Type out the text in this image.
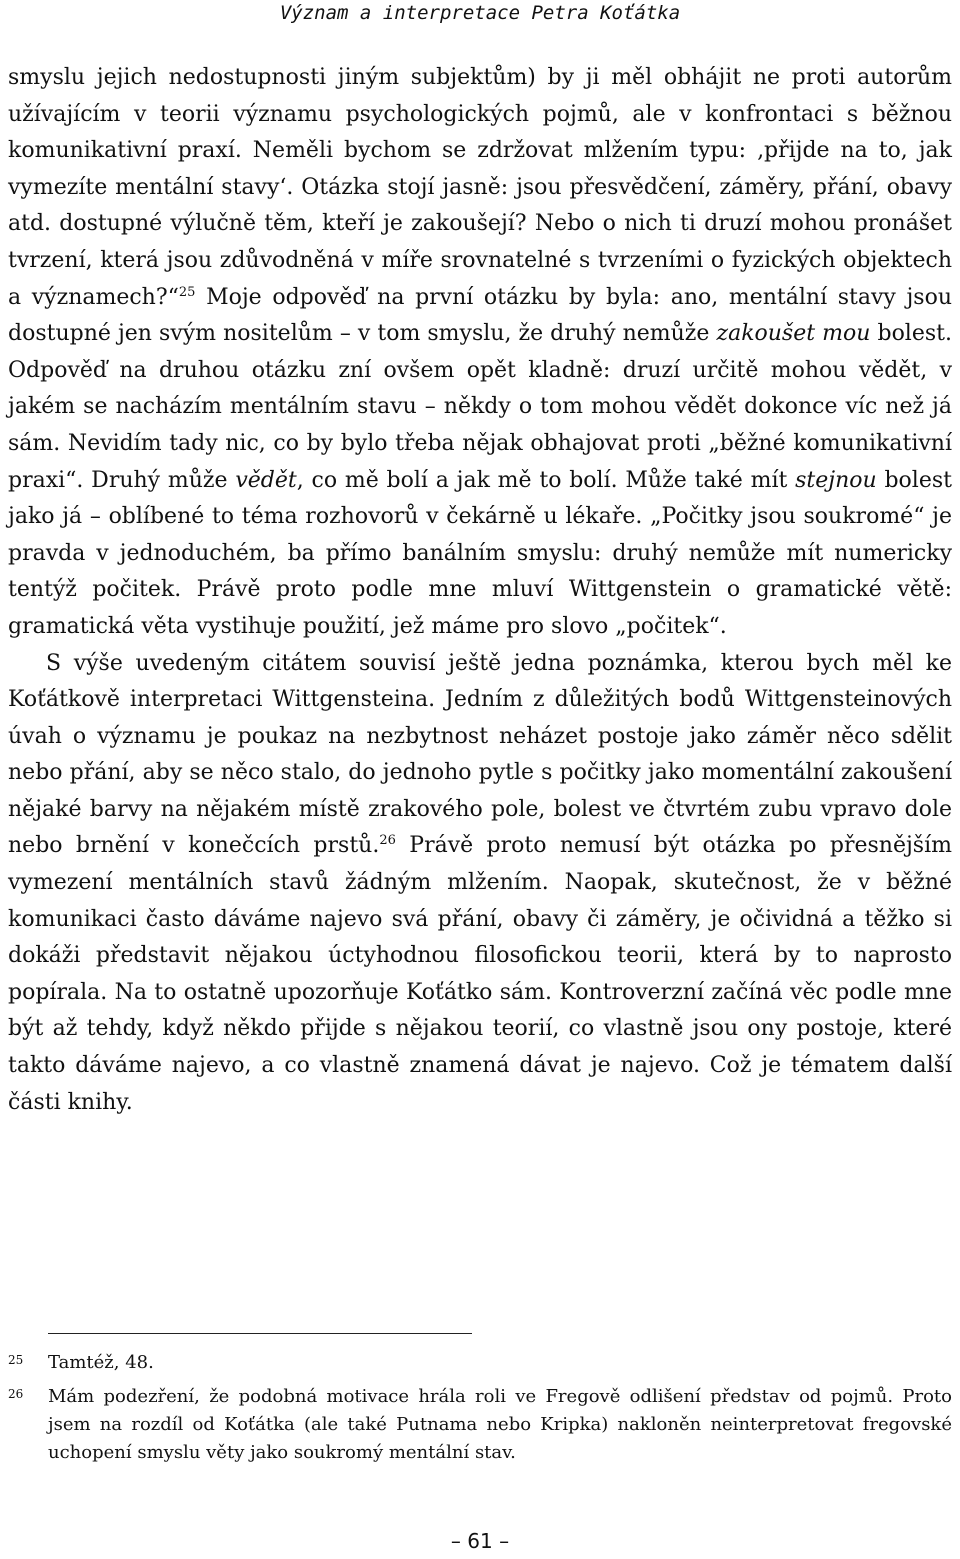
Význam a interpretace Petra Koťátka

smyslu jejich nedostupnosti jiným subjektům) by ji měl obhájit ne proti autorům užívajícím v teorii významu psychologických pojmů, ale v konfrontaci s běžnou komunikativní praxí. Neměli bychom se zdržovat mlžením typu: ‚přijde na to, jak vymezíte mentální stavy‘. Otázka stojí jasně: jsou přesvědčení, záměry, přání, obavy atd. dostupné výlučně těm, kteří je zakoušejí? Nebo o nich ti druzí mohou pronášet tvrzení, která jsou zdůvodněná v míře srovnatelné s tvrzeními o fyzických objektech a významech?“$^{25}$ Moje odpověď na první otázku by byla: ano, mentální stavy jsou dostupné jen svým nositelům – v tom smyslu, že druhý nemůže zakoušet mou bolest. Odpověď na druhou otázku zní ovšem opět kladně: druzí určitě mohou vědět, v jakém se nacházím mentálním stavu – někdy o tom mohou vědět dokonce víc než já sám. Nevidím tady nic, co by bylo třeba nějak obhajovat proti „běžné komunikativní praxi“. Druhý může vědět, co mě bolí a jak mě to bolí. Může také mít stejnou bolest jako já – oblíbené to téma rozhovorů v čekárně u lékaře. „Počitky jsou soukromé“ je pravda v jednoduchém, ba přímo banálním smyslu: druhý nemůže mít numericky tentýž počitek. Právě proto podle mne mluví Wittgenstein o gramatické větě: gramatická věta vystihuje použití, jež máme pro slovo „počitek“.

S výše uvedeným citátem souvisí ještě jedna poznámka, kterou bych měl ke Koťátkově interpretaci Wittgensteina. Jedním z důležitých bodů Wittgensteinových úvah o významu je poukaz na nezbytnost neházet postoje jako záměr něco sdělit nebo přání, aby se něco stalo, do jednoho pytle s počitky jako momentální zakoušení nějaké barvy na nějakém místě zrakového pole, bolest ve čtvrtém zubu vpravo dole nebo brnění v konečcích prstů.$^{26}$ Právě proto nemusí být otázka po přesnějším vymezení mentálních stavů žádným mlžením. Naopak, skutečnost, že v běžné komunikaci často dáváme najevo svá přání, obavy či záměry, je očividná a těžko si dokáži představit nějakou úctyhodnou filosofickou teorii, která by to naprosto popírala. Na to ostatně upozorňuje Koťátko sám. Kontroverzní začíná věc podle mne být až tehdy, když někdo přijde s nějakou teorií, co vlastně jsou ony postoje, které takto dáváme najevo, a co vlastně znamená dávat je najevo. Což je tématem další části knihy.

25	Tamtéž, 48.
26	Mám podezření, že podobná motivace hrála roli ve Fregově odlišení představ od pojmů. Proto jsem na rozdíl od Koťátka (ale také Putnama nebo Kripka) nakloněn neinterpretovat fregovské uchopení smyslu věty jako soukromý mentální stav.
– 61 –
